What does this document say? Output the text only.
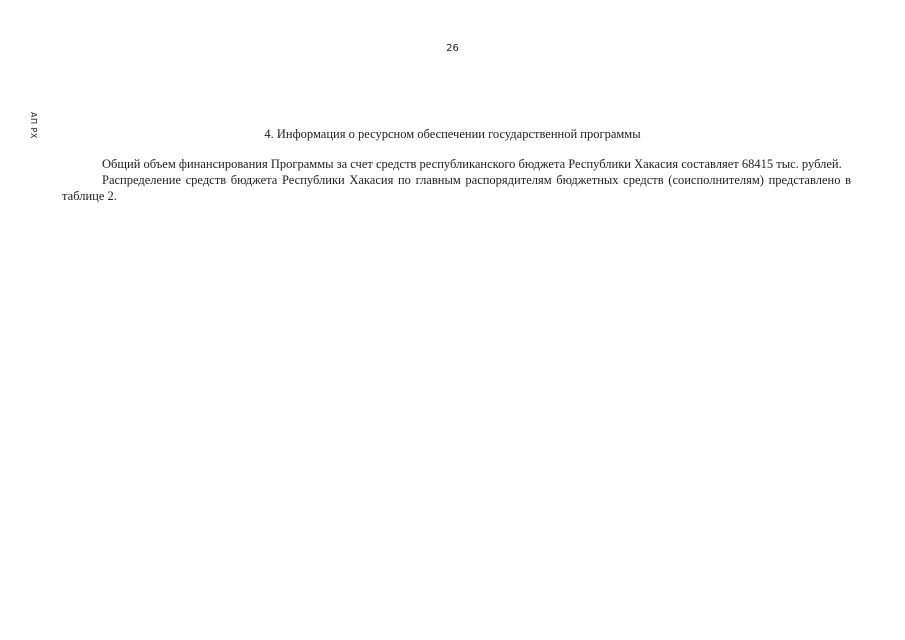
26
АП РХ	4. Информация о ресурсном обеспечении государственной программы

Общий объем финансирования Программы за счет средств республиканского бюджета Республики Хакасия составляет 68415 тыс. рублей.

Распределение средств бюджета Республики Хакасия по главным распорядителям бюджетных средств (соисполнителям) представлено в таблице 2.
